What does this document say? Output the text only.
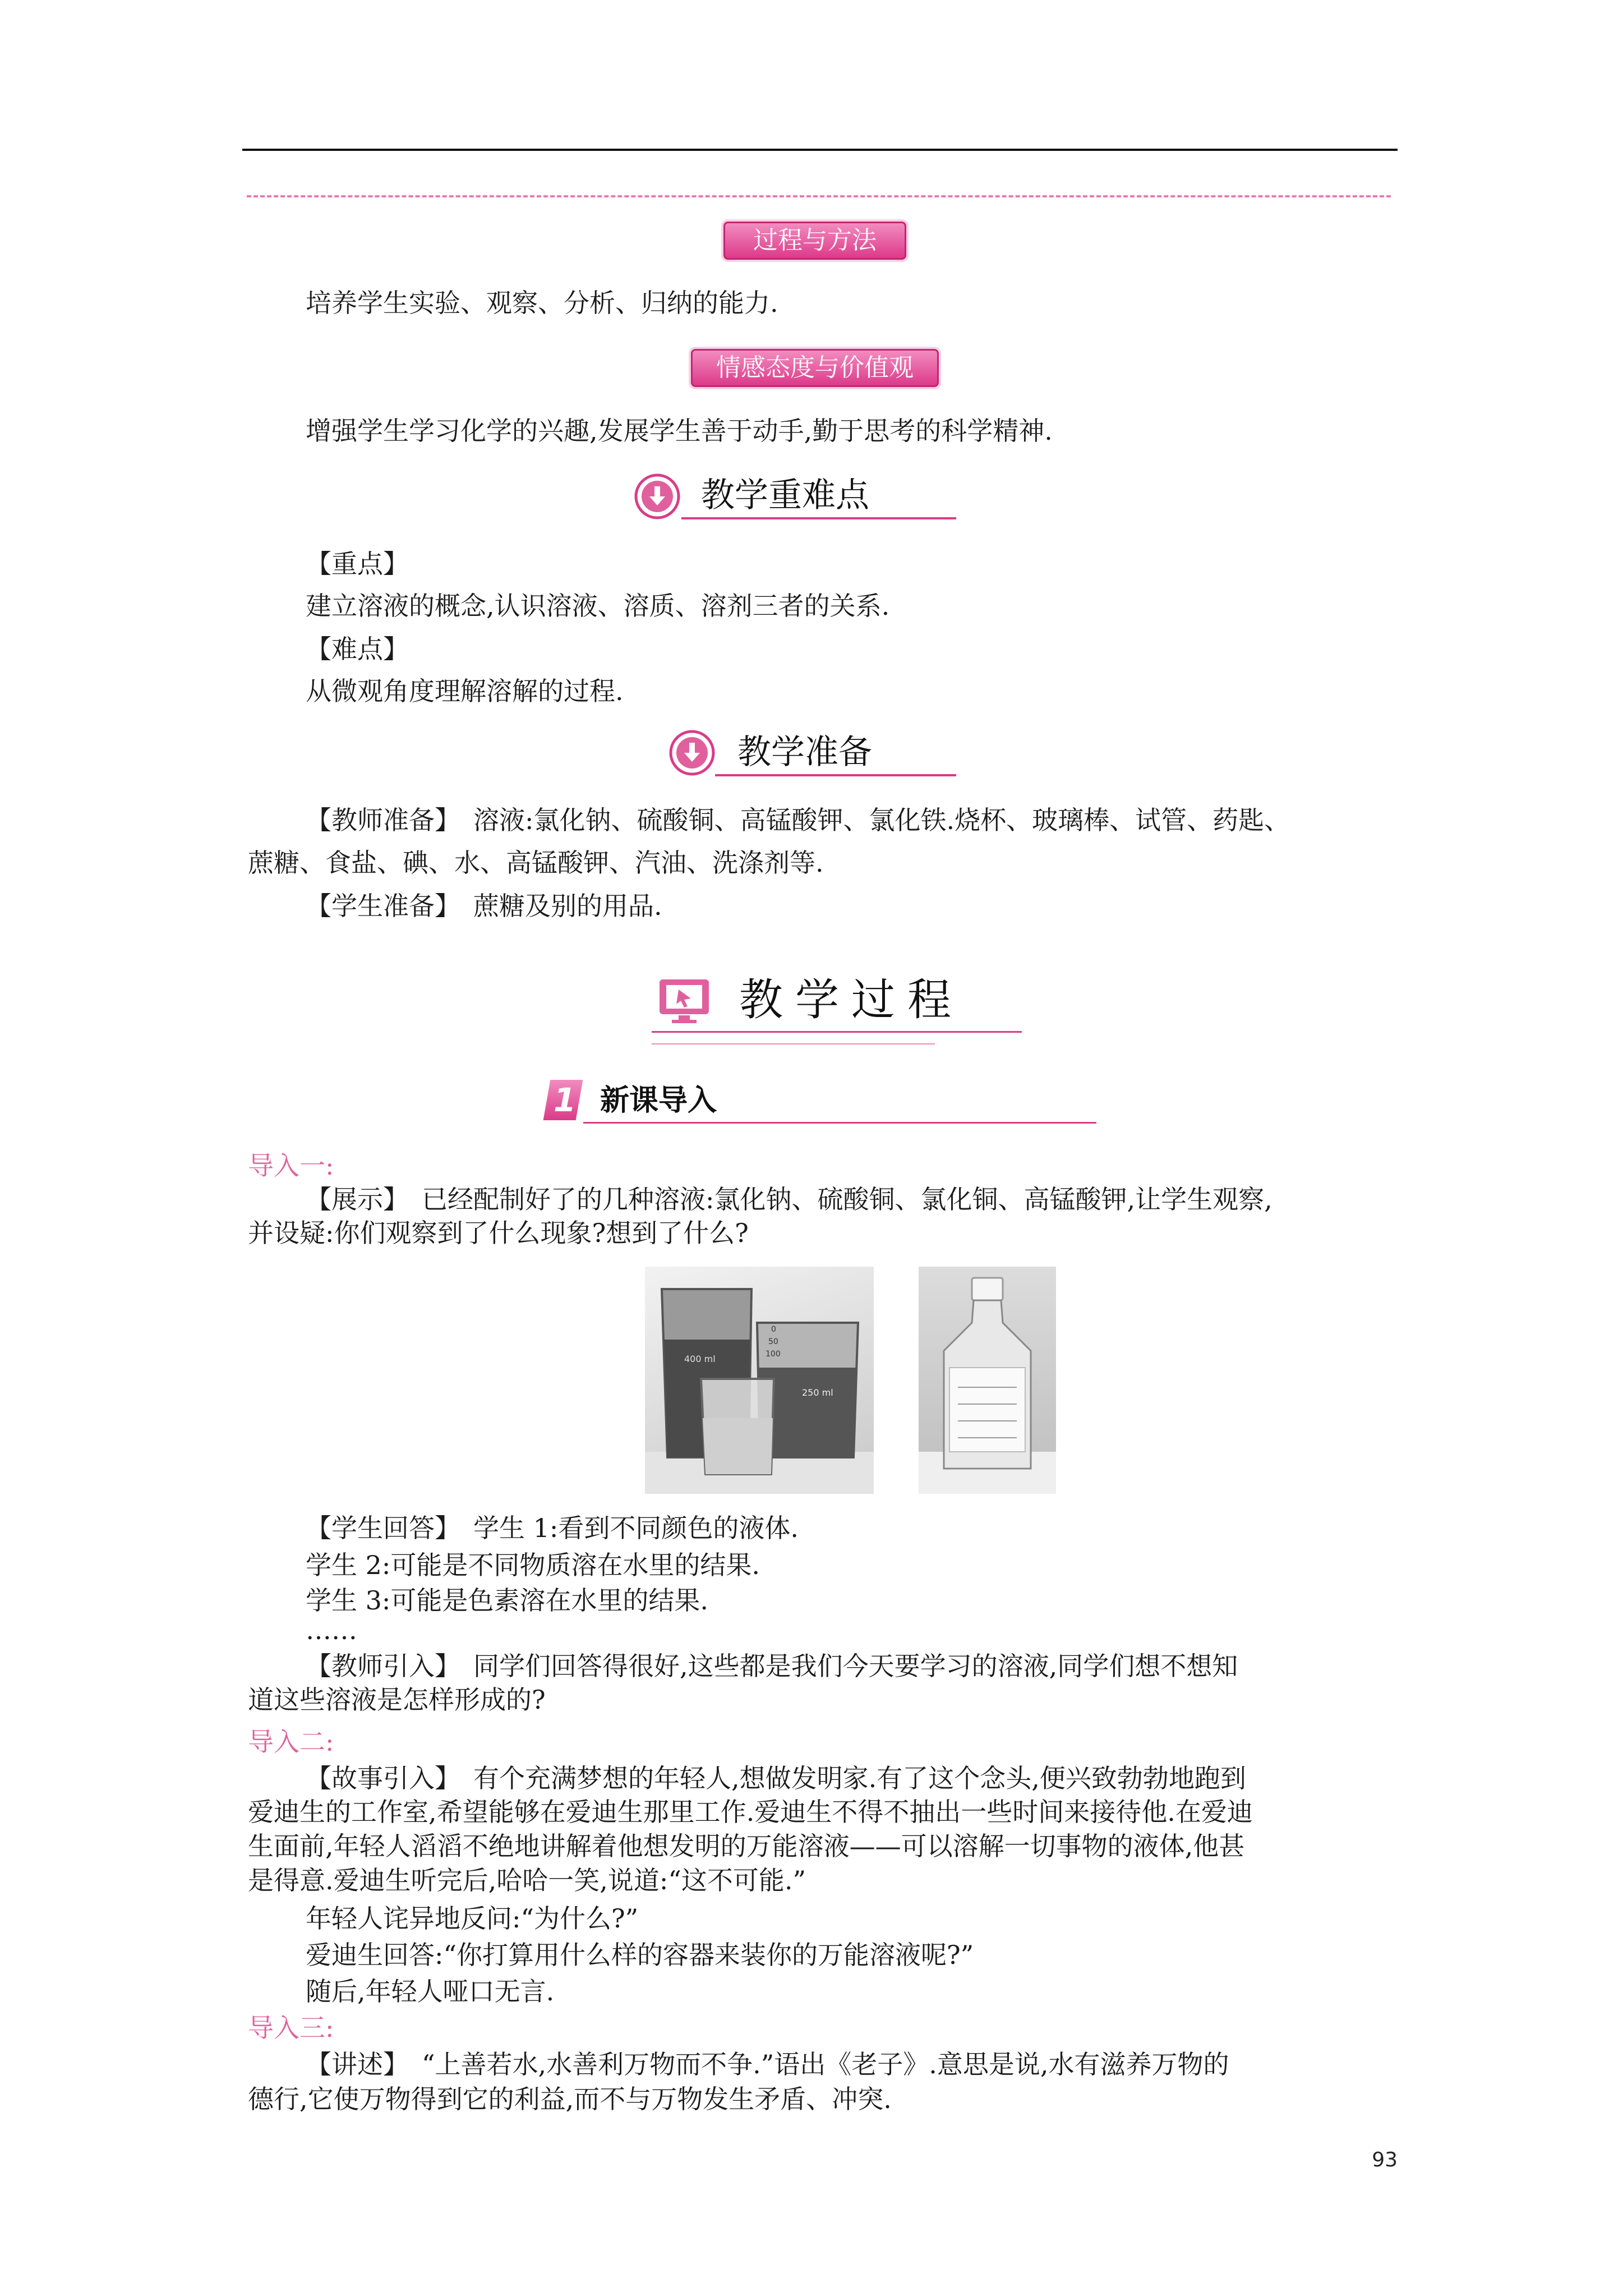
过程与方法
培养学生实验、观察、分析、归纳的能力.
情感态度与价值观
增强学生学习化学的兴趣,发展学生善于动手,勤于思考的科学精神.
教学重难点
【重点】
建立溶液的概念,认识溶液、溶质、溶剂三者的关系.
【难点】
从微观角度理解溶解的过程.
教学准备
【教师准备】　溶液:氯化钠、硫酸铜、高锰酸钾、氯化铁.烧杯、玻璃棒、试管、药匙、
蔗糖、食盐、碘、水、高锰酸钾、汽油、洗涤剂等.
【学生准备】　蔗糖及别的用品.
教学过程
1 新课导入
导入一:
【展示】　已经配制好了的几种溶液:氯化钠、硫酸铜、氯化铜、高锰酸钾,让学生观察,
并设疑:你们观察到了什么现象?想到了什么?
400 ml
250 ml
100
50
0
【学生回答】　学生 1:看到不同颜色的液体.
学生 2:可能是不同物质溶在水里的结果.
学生 3:可能是色素溶在水里的结果.
……
【教师引入】　同学们回答得很好,这些都是我们今天要学习的溶液,同学们想不想知
道这些溶液是怎样形成的?
导入二:
【故事引入】　有个充满梦想的年轻人,想做发明家.有了这个念头,便兴致勃勃地跑到
爱迪生的工作室,希望能够在爱迪生那里工作.爱迪生不得不抽出一些时间来接待他.在爱迪
生面前,年轻人滔滔不绝地讲解着他想发明的万能溶液——可以溶解一切事物的液体,他甚
是得意.爱迪生听完后,哈哈一笑,说道:“这不可能.”
年轻人诧异地反问:“为什么?”
爱迪生回答:“你打算用什么样的容器来装你的万能溶液呢?”
随后,年轻人哑口无言.
导入三:
【讲述】　“上善若水,水善利万物而不争.”语出《老子》.意思是说,水有滋养万物的
德行,它使万物得到它的利益,而不与万物发生矛盾、冲突.
93
